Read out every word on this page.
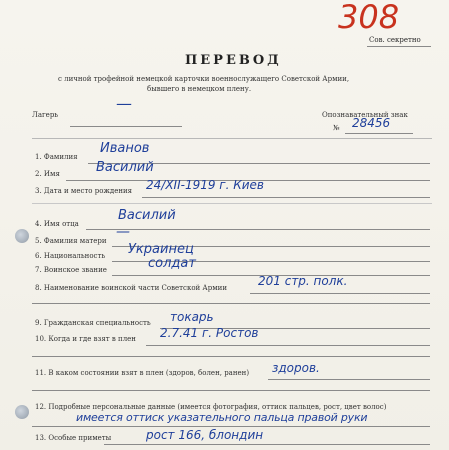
308
Сов. секретно
ПЕРЕВОД
с личной трофейной немецкой карточки военнослужащего Советской Армии,
бывшего в немецком плену.
Лагерь
—
Опознавательный знак
№ 28456
1. Фамилия
Иванов
2. Имя	Василий
3. Дата и место рождения 24/XII-1919 г. Киев
4. Имя отца
Василий
5. Фамилия матери
—
6. Национальность Украинец
7. Воинское звание	солдат
8. Наименование воинской части Советской Армии	201 стр. полк.
9. Гражданская специальность токарь
10. Когда и где взят в плен 2.7.41 г. Ростов
11. В каком состоянии взят в плен (здоров, болен, ранен) здоров.
12. Подробные персональные данные (имеется фотография, оттиск пальцев, рост, цвет волос)
имеется оттиск указательного пальца правой руки
13. Особые приметы	рост 166, блондин
